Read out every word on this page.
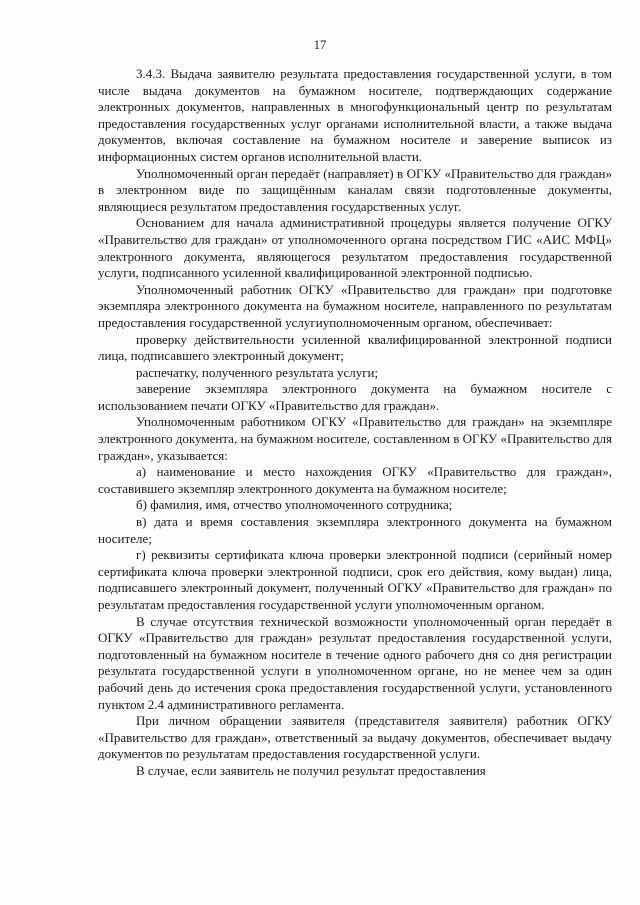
17

3.4.3. Выдача заявителю результата предоставления государственной услуги, в том числе выдача документов на бумажном носителе, подтверждающих содержание электронных документов, направленных в многофункциональный центр по результатам предоставления государственных услуг органами исполнительной власти, а также выдача документов, включая составление на бумажном носителе и заверение выписок из информационных систем органов исполнительной власти.

Уполномоченный орган передаёт (направляет) в ОГКУ «Правительство для граждан» в электронном виде по защищённым каналам связи подготовленные документы, являющиеся результатом предоставления государственных услуг.

Основанием для начала административной процедуры является получение ОГКУ «Правительство для граждан» от уполномоченного органа посредством ГИС «АИС МФЦ» электронного документа, являющегося результатом предоставления государственной услуги, подписанного усиленной квалифицированной электронной подписью.

Уполномоченный работник ОГКУ «Правительство для граждан» при подготовке экземпляра электронного документа на бумажном носителе, направленного по результатам предоставления государственной услугиуполномоченным органом, обеспечивает:

проверку действительности усиленной квалифицированной электронной подписи лица, подписавшего электронный документ;

распечатку, полученного результата услуги;

заверение экземпляра электронного документа на бумажном носителе с использованием печати ОГКУ «Правительство для граждан».

Уполномоченным работником ОГКУ «Правительство для граждан» на экземпляре электронного документа, на бумажном носителе, составленном в ОГКУ «Правительство для граждан», указывается:

а) наименование и место нахождения ОГКУ «Правительство для граждан», составившего экземпляр электронного документа на бумажном носителе;

б) фамилия, имя, отчество уполномоченного сотрудника;

в) дата и время составления экземпляра электронного документа на бумажном носителе;

г) реквизиты сертификата ключа проверки электронной подписи (серийный номер сертификата ключа проверки электронной подписи, срок его действия, кому выдан) лица, подписавшего электронный документ, полученный ОГКУ «Правительство для граждан» по результатам предоставления государственной услуги уполномоченным органом.

В случае отсутствия технической возможности уполномоченный орган передаёт в ОГКУ «Правительство для граждан» результат предоставления государственной услуги, подготовленный на бумажном носителе в течение одного рабочего дня со дня регистрации результата государственной услуги в уполномоченном органе, но не менее чем за один рабочий день до истечения срока предоставления государственной услуги, установленного пунктом 2.4 административного регламента.

При личном обращении заявителя (представителя заявителя) работник ОГКУ «Правительство для граждан», ответственный за выдачу документов, обеспечивает выдачу документов по результатам предоставления государственной услуги.

В случае, если заявитель не получил результат предоставления
